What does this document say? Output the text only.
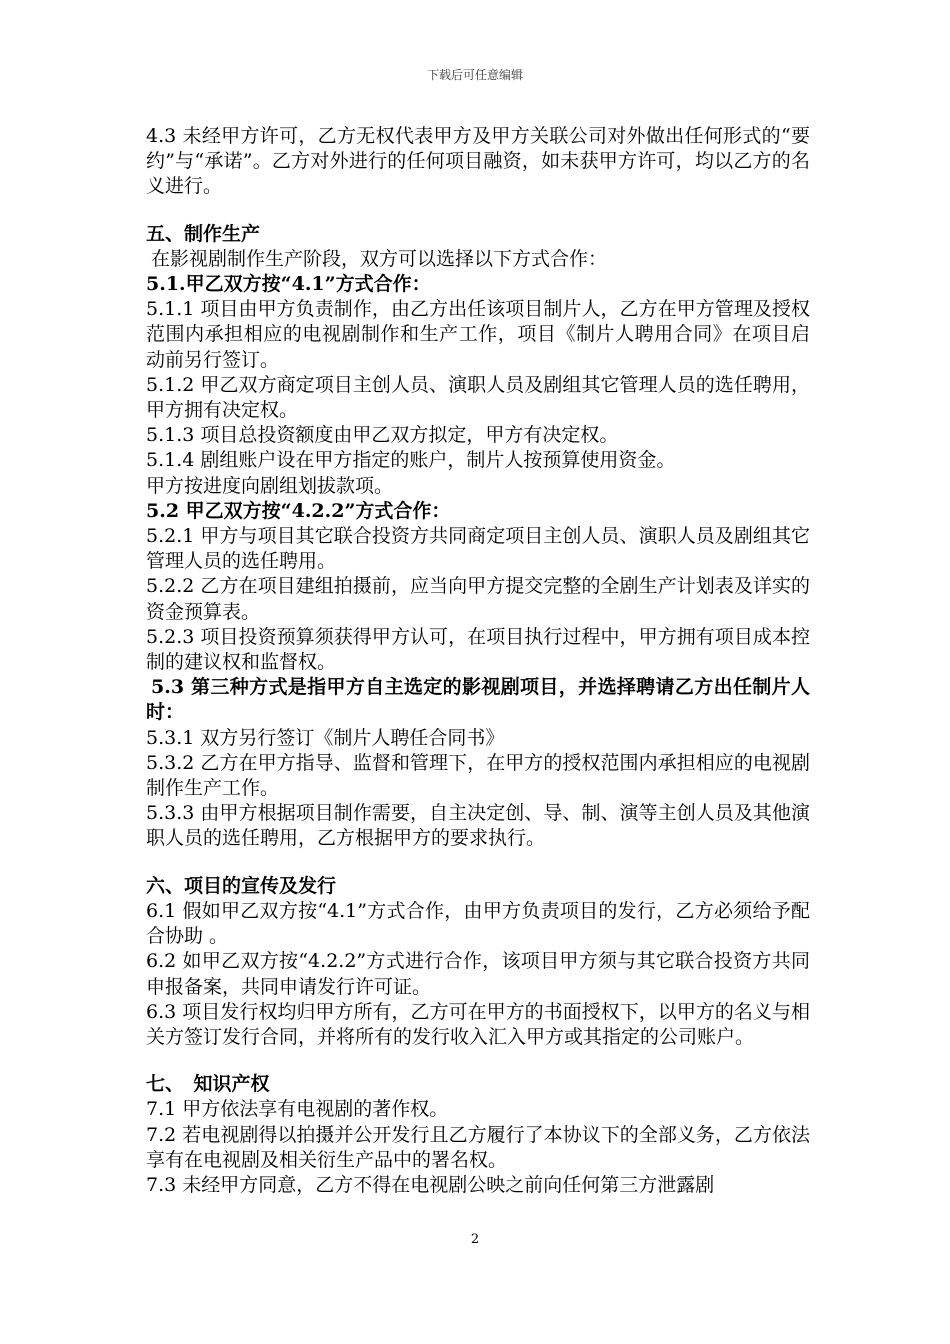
下载后可任意编辑

4.3 未经甲方许可，乙方无权代表甲方及甲方关联公司对外做出任何形式的“要约”与“承诺”。乙方对外进行的任何项目融资，如未获甲方许可，均以乙方的名义进行。

五、制作生产

在影视剧制作生产阶段，双方可以选择以下方式合作：

5.1.甲乙双方按“4.1”方式合作：

5.1.1 项目由甲方负责制作，由乙方出任该项目制片人，乙方在甲方管理及授权范围内承担相应的电视剧制作和生产工作，项目《制片人聘用合同》在项目启动前另行签订。

5.1.2 甲乙双方商定项目主创人员、演职人员及剧组其它管理人员的选任聘用，甲方拥有决定权。

5.1.3 项目总投资额度由甲乙双方拟定，甲方有决定权。

5.1.4 剧组账户设在甲方指定的账户，制片人按预算使用资金。

甲方按进度向剧组划拔款项。

5.2 甲乙双方按“4.2.2”方式合作：

5.2.1 甲方与项目其它联合投资方共同商定项目主创人员、演职人员及剧组其它管理人员的选任聘用。

5.2.2 乙方在项目建组拍摄前，应当向甲方提交完整的全剧生产计划表及详实的资金预算表。

5.2.3 项目投资预算须获得甲方认可，在项目执行过程中，甲方拥有项目成本控制的建议权和监督权。

5.3 第三种方式是指甲方自主选定的影视剧项目，并选择聘请乙方出任制片人时：

5.3.1 双方另行签订《制片人聘任合同书》

5.3.2 乙方在甲方指导、监督和管理下，在甲方的授权范围内承担相应的电视剧制作生产工作。

5.3.3 由甲方根据项目制作需要，自主决定创、导、制、演等主创人员及其他演职人员的选任聘用，乙方根据甲方的要求执行。

六、项目的宣传及发行

6.1 假如甲乙双方按“4.1”方式合作，由甲方负责项目的发行，乙方必须给予配合协助 。

6.2 如甲乙双方按“4.2.2”方式进行合作，该项目甲方须与其它联合投资方共同申报备案，共同申请发行许可证。

6.3 项目发行权均归甲方所有，乙方可在甲方的书面授权下，以甲方的名义与相关方签订发行合同，并将所有的发行收入汇入甲方或其指定的公司账户。

七、　知识产权

7.1 甲方依法享有电视剧的著作权。

7.2 若电视剧得以拍摄并公开发行且乙方履行了本协议下的全部义务，乙方依法享有在电视剧及相关衍生产品中的署名权。

7.3 未经甲方同意，乙方不得在电视剧公映之前向任何第三方泄露剧

2
